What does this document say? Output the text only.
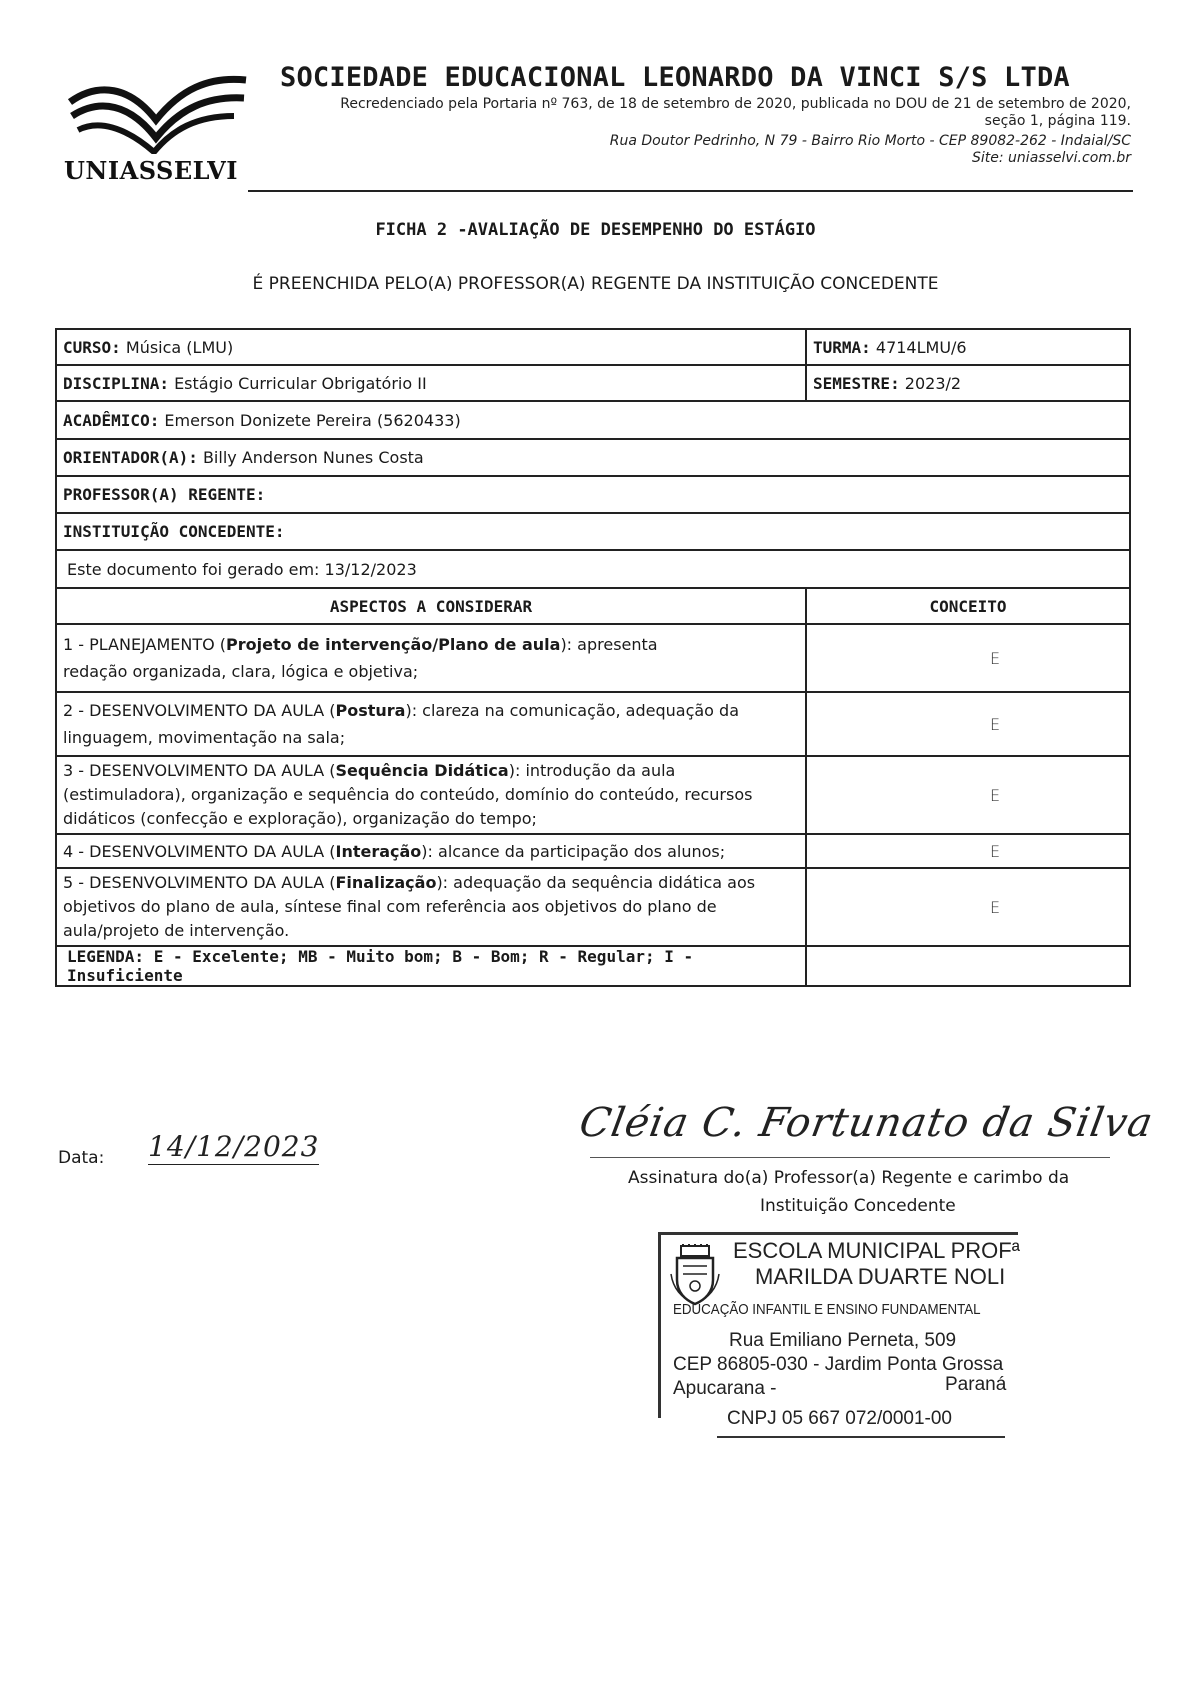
UNIASSELVI
SOCIEDADE EDUCACIONAL LEONARDO DA VINCI S/S LTDA
Recredenciado pela Portaria nº 763, de 18 de setembro de 2020, publicada no DOU de 21 de setembro de 2020,
seção 1, página 119.
Rua Doutor Pedrinho, N 79 - Bairro Rio Morto - CEP 89082-262 - Indaial/SC
Site: uniasselvi.com.br
FICHA 2 -AVALIAÇÃO DE DESEMPENHO DO ESTÁGIO
É PREENCHIDA PELO(A) PROFESSOR(A) REGENTE DA INSTITUIÇÃO CONCEDENTE
CURSO: Música (LMU)	TURMA: 4714LMU/6
DISCIPLINA: Estágio Curricular Obrigatório II	SEMESTRE: 2023/2
ACADÊMICO: Emerson Donizete Pereira (5620433)	
ORIENTADOR(A): Billy Anderson Nunes Costa	
PROFESSOR(A) REGENTE:	
INSTITUIÇÃO CONCEDENTE:	
Este documento foi gerado em: 13/12/2023	
ASPECTOS A CONSIDERAR	CONCEITO
1 - PLANEJAMENTO (Projeto de intervenção/Plano de aula): apresenta
redação organizada, clara, lógica e objetiva;	E
2 - DESENVOLVIMENTO DA AULA (Postura): clareza na comunicação, adequação da
linguagem, movimentação na sala;	E
3 - DESENVOLVIMENTO DA AULA (Sequência Didática): introdução da aula
(estimuladora), organização e sequência do conteúdo, domínio do conteúdo, recursos
didáticos (confecção e exploração), organização do tempo;	E
4 - DESENVOLVIMENTO DA AULA (Interação): alcance da participação dos alunos;	E
5 - DESENVOLVIMENTO DA AULA (Finalização): adequação da sequência didática aos
objetivos do plano de aula, síntese final com referência aos objetivos do plano de
aula/projeto de intervenção.	E
LEGENDA: E - Excelente; MB - Muito bom; B - Bom; R - Regular; I - Insuficiente	
Data: 14/12/2023
Cléia C. Fortunato da Silva
Assinatura do(a) Professor(a) Regente e carimbo da
Instituição Concedente
ESCOLA MUNICIPAL PROFª
MARILDA DUARTE NOLI
EDUCAÇÃO INFANTIL E ENSINO FUNDAMENTAL
Rua Emiliano Perneta, 509
CEP 86805-030 - Jardim Ponta Grossa
Apucarana -	Paraná
CNPJ 05 667 072/0001-00
